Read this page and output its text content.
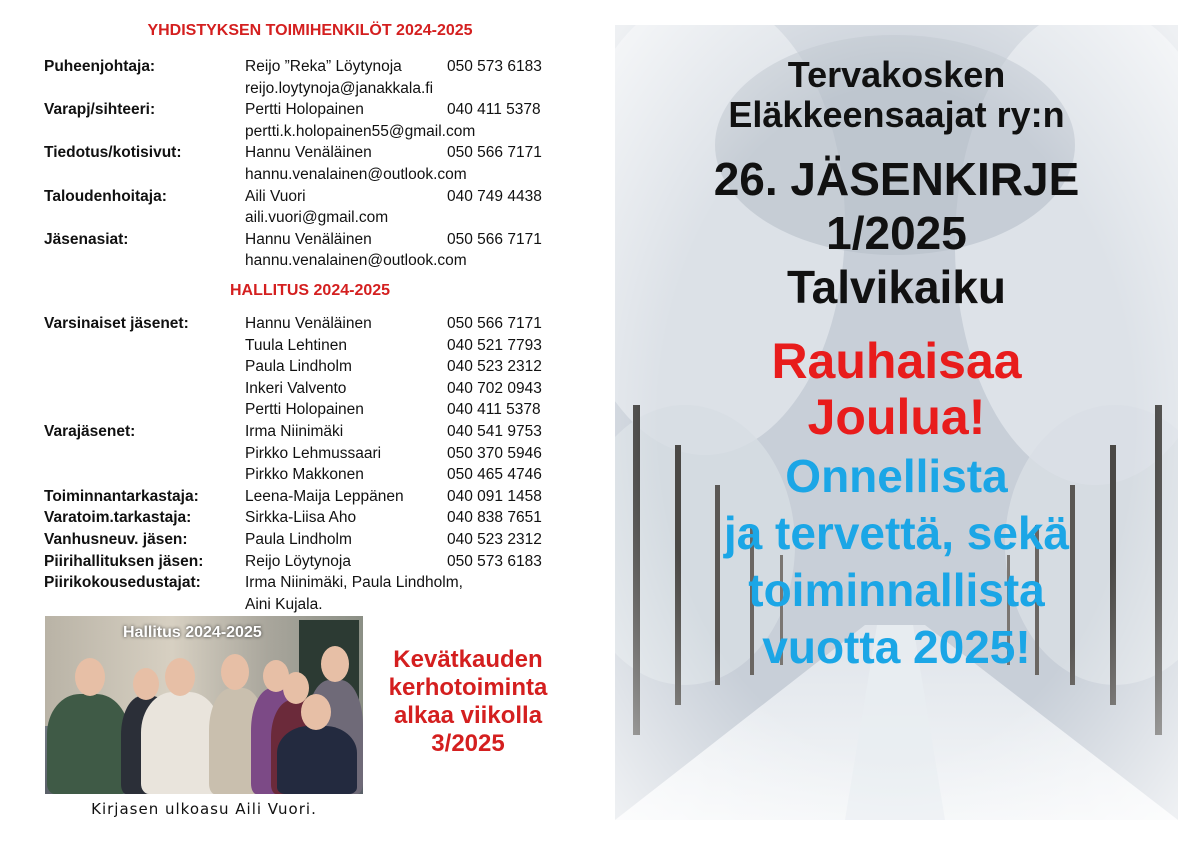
YHDISTYKSEN TOIMIHENKILÖT 2024-2025
Puheenjohtaja:	Reijo ”Reka” Löytynoja	050 573 6183
reijo.loytynoja@janakkala.fi
Varapj/sihteeri:	Pertti Holopainen	040 411 5378
pertti.k.holopainen55@gmail.com
Tiedotus/kotisivut:	Hannu Venäläinen	050 566 7171
hannu.venalainen@outlook.com
Taloudenhoitaja:	Aili Vuori	040 749 4438
aili.vuori@gmail.com
Jäsenasiat:	Hannu Venäläinen	050 566 7171
hannu.venalainen@outlook.com
HALLITUS 2024-2025
Varsinaiset jäsenet:	Hannu Venäläinen	050 566 7171
Tuula Lehtinen	040 521 7793
Paula Lindholm	040 523 2312
Inkeri Valvento	040 702 0943
Pertti Holopainen	040 411 5378
Varajäsenet:	Irma Niinimäki	040 541 9753
Pirkko Lehmussaari	050 370 5946
Pirkko Makkonen	050 465 4746
Toiminnantarkastaja:	Leena-Maija Leppänen	040 091 1458
Varatoim.tarkastaja:	Sirkka-Liisa Aho	040 838 7651
Vanhusneuv. jäsen:	Paula Lindholm	040 523 2312
Piirihallituksen jäsen:	Reijo Löytynoja	050 573 6183
Piirikokousedustajat:	Irma Niinimäki, Paula Lindholm,
Aini Kujala.
Hallitus 2024-2025
Kirjasen ulkoasu Aili Vuori.
Kevätkauden
kerhotoiminta
alkaa viikolla
3/2025
Tervakosken
Eläkkeensaajat ry:n
26. JÄSENKIRJE
1/2025
Talvikaiku
Rauhaisaa
Joulua!
Onnellista
ja tervettä, sekä
toiminnallista
vuotta 2025!
